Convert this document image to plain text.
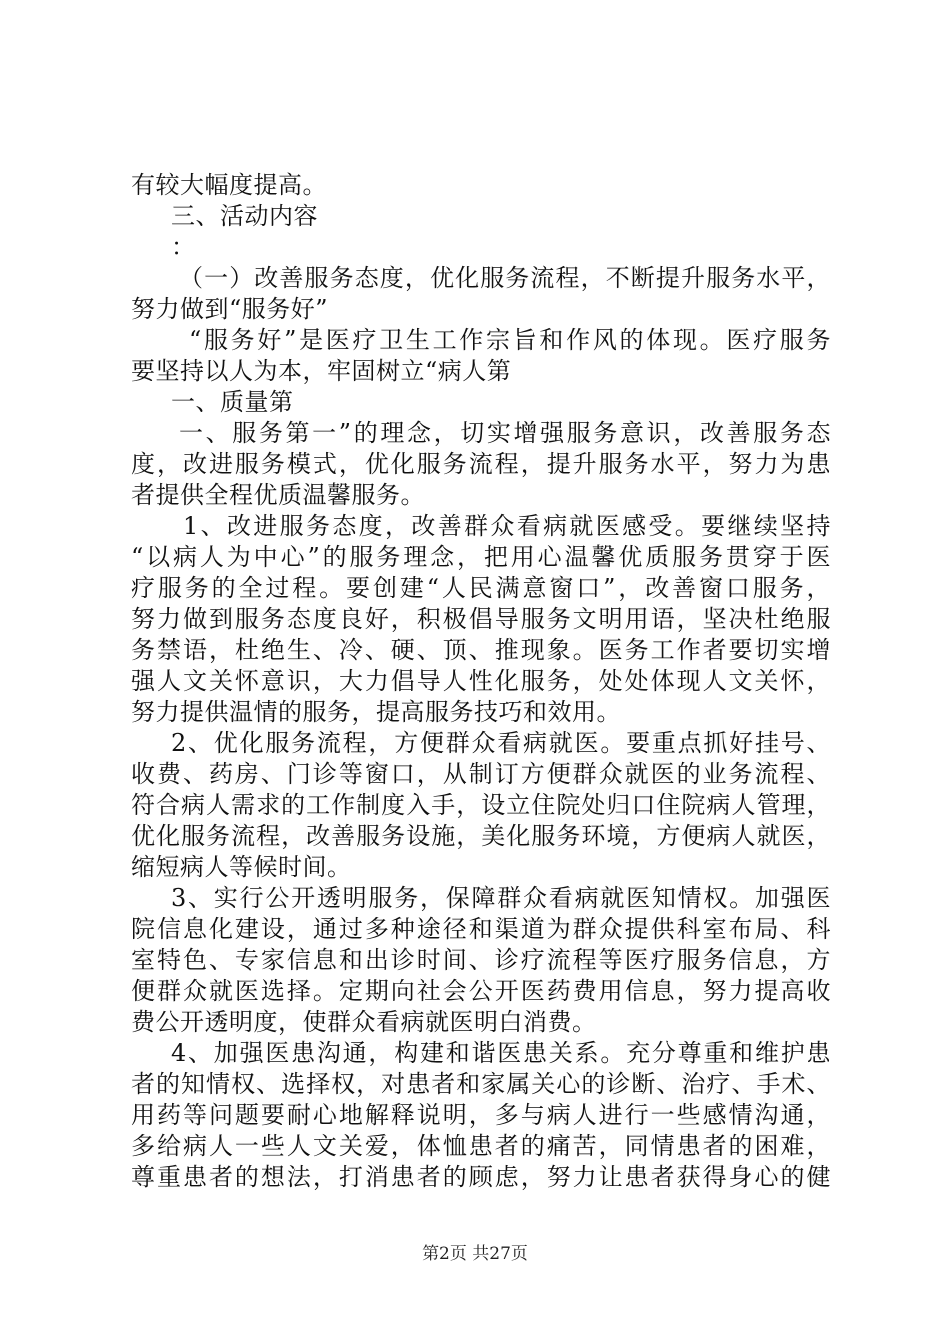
有较大幅度提高。
三、活动内容
：
（一）改善服务态度，优化服务流程，不断提升服务水平，
努力做到“服务好”
“服务好”是医疗卫生工作宗旨和作风的体现。医疗服务
要坚持以人为本，牢固树立“病人第
一、质量第
一、服务第一”的理念，切实增强服务意识，改善服务态
度，改进服务模式，优化服务流程，提升服务水平，努力为患
者提供全程优质温馨服务。
1、改进服务态度，改善群众看病就医感受。要继续坚持
“以病人为中心”的服务理念，把用心温馨优质服务贯穿于医
疗服务的全过程。要创建“人民满意窗口”，改善窗口服务，
努力做到服务态度良好，积极倡导服务文明用语，坚决杜绝服
务禁语，杜绝生、冷、硬、顶、推现象。医务工作者要切实增
强人文关怀意识，大力倡导人性化服务，处处体现人文关怀，
努力提供温情的服务，提高服务技巧和效用。
2、优化服务流程，方便群众看病就医。要重点抓好挂号、
收费、药房、门诊等窗口，从制订方便群众就医的业务流程、
符合病人需求的工作制度入手，设立住院处归口住院病人管理，
优化服务流程，改善服务设施，美化服务环境，方便病人就医，
缩短病人等候时间。
3、实行公开透明服务，保障群众看病就医知情权。加强医
院信息化建设，通过多种途径和渠道为群众提供科室布局、科
室特色、专家信息和出诊时间、诊疗流程等医疗服务信息，方
便群众就医选择。定期向社会公开医药费用信息，努力提高收
费公开透明度，使群众看病就医明白消费。
4、加强医患沟通，构建和谐医患关系。充分尊重和维护患
者的知情权、选择权，对患者和家属关心的诊断、治疗、手术、
用药等问题要耐心地解释说明，多与病人进行一些感情沟通，
多给病人一些人文关爱，体恤患者的痛苦，同情患者的困难，
尊重患者的想法，打消患者的顾虑，努力让患者获得身心的健
第2页 共27页
